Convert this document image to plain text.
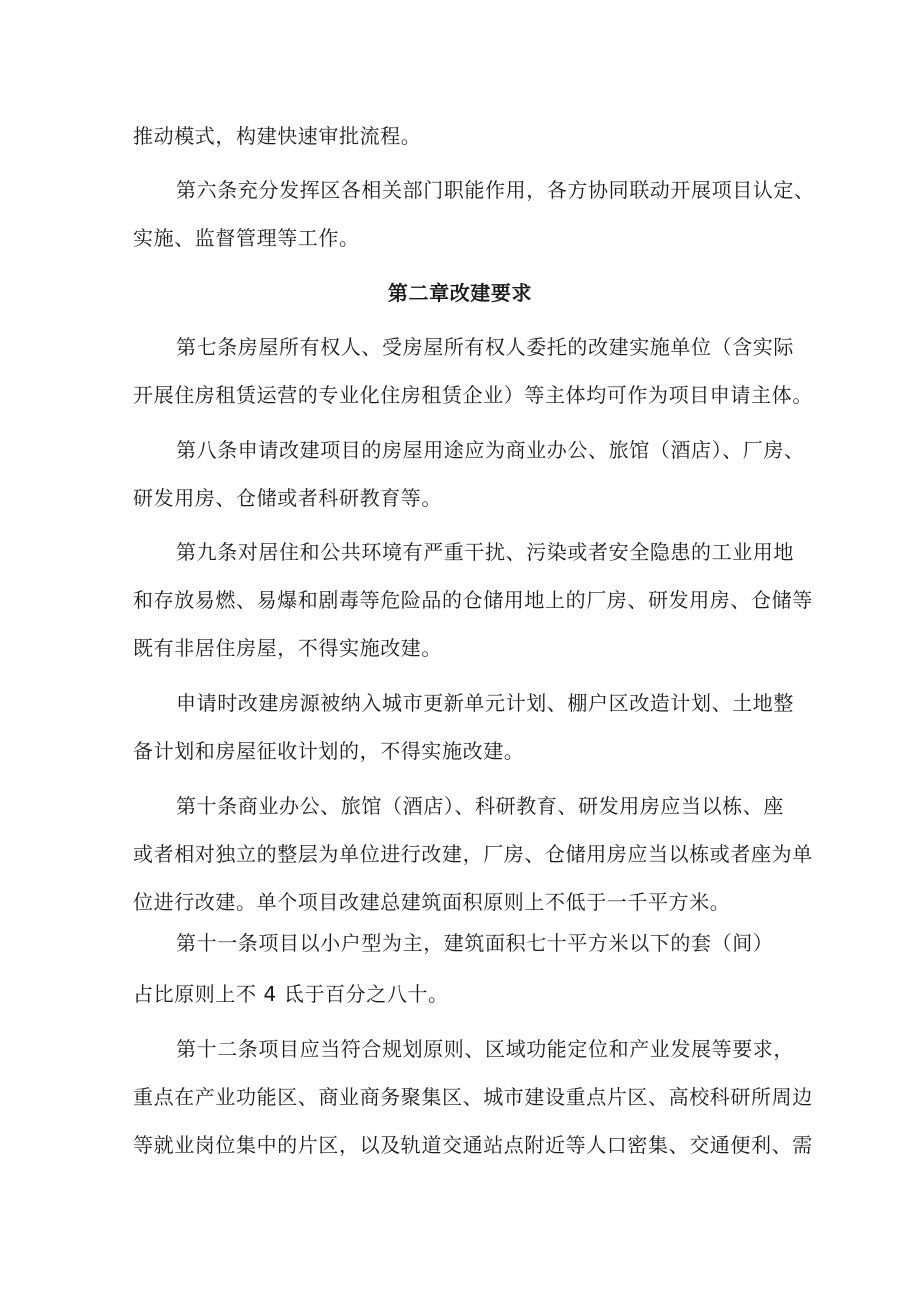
推动模式，构建快速审批流程。
第六条充分发挥区各相关部门职能作用，各方协同联动开展项目认定、
实施、监督管理等工作。
第二章改建要求
第七条房屋所有权人、受房屋所有权人委托的改建实施单位（含实际
开展住房租赁运营的专业化住房租赁企业）等主体均可作为项目申请主体。
第八条申请改建项目的房屋用途应为商业办公、旅馆（酒店）、厂房、
研发用房、仓储或者科研教育等。
第九条对居住和公共环境有严重干扰、污染或者安全隐患的工业用地
和存放易燃、易爆和剧毒等危险品的仓储用地上的厂房、研发用房、仓储等
既有非居住房屋，不得实施改建。
申请时改建房源被纳入城市更新单元计划、棚户区改造计划、土地整
备计划和房屋征收计划的，不得实施改建。
第十条商业办公、旅馆（酒店）、科研教育、研发用房应当以栋、座
或者相对独立的整层为单位进行改建，厂房、仓储用房应当以栋或者座为单
位进行改建。单个项目改建总建筑面积原则上不低于一千平方米。
第十一条项目以小户型为主，建筑面积七十平方米以下的套（间）
占比原则上不 4 氐于百分之八十。
第十二条项目应当符合规划原则、区域功能定位和产业发展等要求，
重点在产业功能区、商业商务聚集区、城市建设重点片区、高校科研所周边
等就业岗位集中的片区，以及轨道交通站点附近等人口密集、交通便利、需
